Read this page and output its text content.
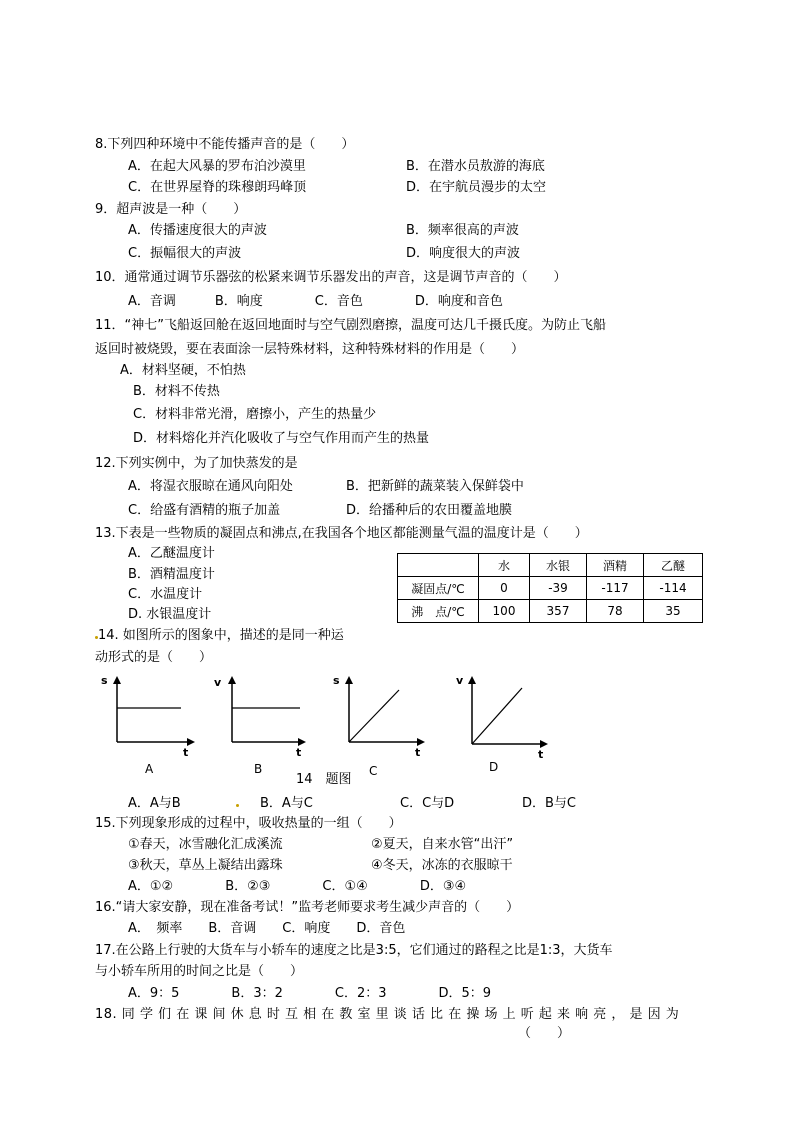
8.下列四种环境中不能传播声音的是（　　）
A．在起大风暴的罗布泊沙漠里	B．在潜水员敖游的海底
C．在世界屋脊的珠穆朗玛峰顶	D．在宇航员漫步的太空
9．超声波是一种（　　）
A．传播速度很大的声波	B．频率很高的声波
C．振幅很大的声波	D．响度很大的声波
10．通常通过调节乐器弦的松紧来调节乐器发出的声音，这是调节声音的（　　）
A．音调　　　B．响度　　　　C．音色　　　　D．响度和音色
11．“神七”飞船返回舱在返回地面时与空气剧烈磨擦，温度可达几千摄氏度。为防止飞船
返回时被烧毁，要在表面涂一层特殊材料，这种特殊材料的作用是（　　）
A．材料坚硬，不怕热
B．材料不传热
C．材料非常光滑，磨擦小，产生的热量少
D．材料熔化并汽化吸收了与空气作用而产生的热量
12.下列实例中，为了加快蒸发的是
A．将湿衣服晾在通风向阳处	B．把新鲜的蔬菜装入保鲜袋中
C．给盛有酒精的瓶子加盖	D．给播种后的农田覆盖地膜
13.下表是一些物质的凝固点和沸点,在我国各个地区都能测量气温的温度计是（　　）
A．乙醚温度计
B．酒精温度计
C．水温度计
D. 水银温度计
	水	水银	酒精	乙醚
凝固点/℃	0	-39	-117	-114
沸　点/℃	100	357	78	35
14. 如图所示的图象中，描述的是同一种运
动形式的是（　　）
s
t
A
v
t
B
s
t
C
v
t
D
14　题图
A．A与B	B．A与C	C．C与D	D．B与C
15.下列现象形成的过程中，吸收热量的一组（　　）
①春天，冰雪融化汇成溪流	②夏天，自来水管“出汗”
③秋天，草丛上凝结出露珠	④冬天，冰冻的衣服晾干
A．①②　　　　B．②③　　　　C．①④　　　　D．③④
16.“请大家安静，现在准备考试！”监考老师要求考生减少声音的（　　）
A．　频率　　B．音调　　C．响度　　D．音色
17.在公路上行驶的大货车与小轿车的速度之比是3:5，它们通过的路程之比是1:3，大货车
与小轿车所用的时间之比是（　　）
A．9：5　　　　B．3：2　　　　C．2：3　　　　D．5：9
18. 同 学 们 在 课 间 休 息 时 互 相 在 教 室 里 谈 话 比 在 操 场 上 听 起 来 响 亮 ， 是 因 为
（　　）
